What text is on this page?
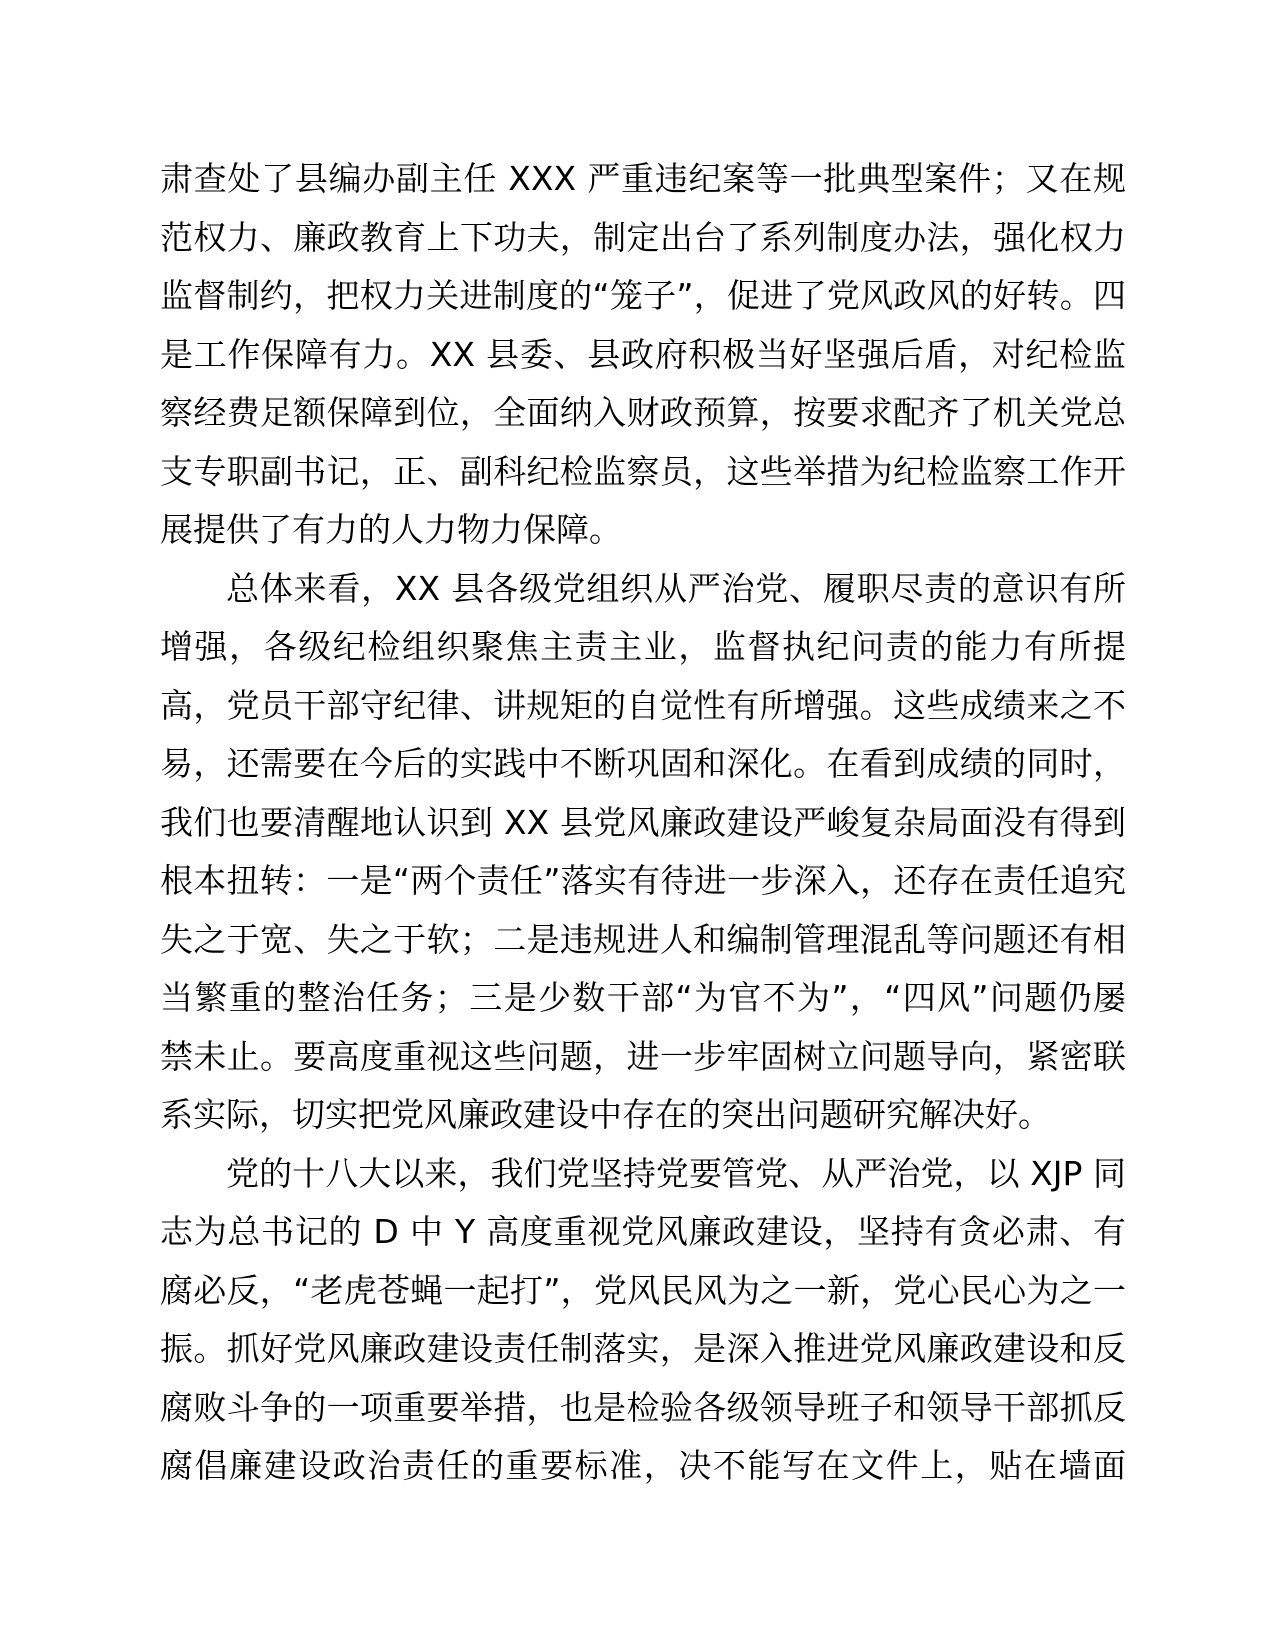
肃查处了县编办副主任 XXX 严重违纪案等一批典型案件；又在规
范权力、廉政教育上下功夫，制定出台了系列制度办法，强化权力
监督制约，把权力关进制度的“笼子”，促进了党风政风的好转。四
是工作保障有力。XX 县委、县政府积极当好坚强后盾，对纪检监
察经费足额保障到位，全面纳入财政预算，按要求配齐了机关党总
支专职副书记，正、副科纪检监察员，这些举措为纪检监察工作开
展提供了有力的人力物力保障。
总体来看，XX 县各级党组织从严治党、履职尽责的意识有所
增强，各级纪检组织聚焦主责主业，监督执纪问责的能力有所提
高，党员干部守纪律、讲规矩的自觉性有所增强。这些成绩来之不
易，还需要在今后的实践中不断巩固和深化。在看到成绩的同时，
我们也要清醒地认识到 XX 县党风廉政建设严峻复杂局面没有得到
根本扭转：一是“两个责任”落实有待进一步深入，还存在责任追究
失之于宽、失之于软；二是违规进人和编制管理混乱等问题还有相
当繁重的整治任务；三是少数干部“为官不为”，“四风”问题仍屡
禁未止。要高度重视这些问题，进一步牢固树立问题导向，紧密联
系实际，切实把党风廉政建设中存在的突出问题研究解决好。
党的十八大以来，我们党坚持党要管党、从严治党，以 XJP 同
志为总书记的 D 中 Y 高度重视党风廉政建设，坚持有贪必肃、有
腐必反，“老虎苍蝇一起打”，党风民风为之一新，党心民心为之一
振。抓好党风廉政建设责任制落实，是深入推进党风廉政建设和反
腐败斗争的一项重要举措，也是检验各级领导班子和领导干部抓反
腐倡廉建设政治责任的重要标准，决不能写在文件上，贴在墙面
